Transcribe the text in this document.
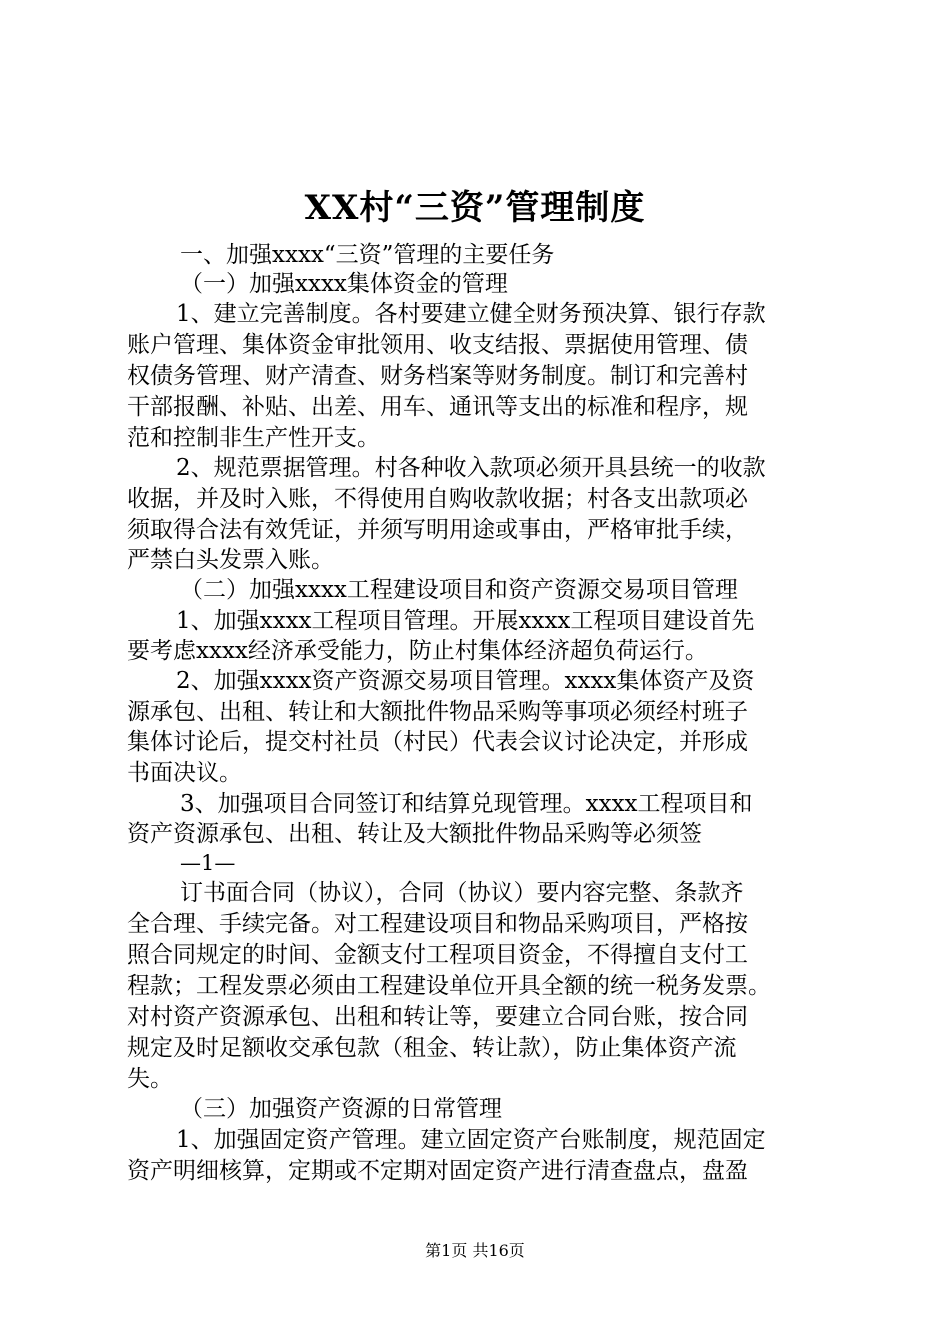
XX村“三资”管理制度
一、加强xxxx“三资”管理的主要任务
（一）加强xxxx集体资金的管理
1、建立完善制度。各村要建立健全财务预决算、银行存款
账户管理、集体资金审批领用、收支结报、票据使用管理、债
权债务管理、财产清查、财务档案等财务制度。制订和完善村
干部报酬、补贴、出差、用车、通讯等支出的标准和程序，规
范和控制非生产性开支。
2、规范票据管理。村各种收入款项必须开具县统一的收款
收据，并及时入账，不得使用自购收款收据；村各支出款项必
须取得合法有效凭证，并须写明用途或事由，严格审批手续，
严禁白头发票入账。
（二）加强xxxx工程建设项目和资产资源交易项目管理
1、加强xxxx工程项目管理。开展xxxx工程项目建设首先
要考虑xxxx经济承受能力，防止村集体经济超负荷运行。
2、加强xxxx资产资源交易项目管理。xxxx集体资产及资
源承包、出租、转让和大额批件物品采购等事项必须经村班子
集体讨论后，提交村社员（村民）代表会议讨论决定，并形成
书面决议。
3、加强项目合同签订和结算兑现管理。xxxx工程项目和
资产资源承包、出租、转让及大额批件物品采购等必须签
—1—
订书面合同（协议），合同（协议）要内容完整、条款齐
全合理、手续完备。对工程建设项目和物品采购项目，严格按
照合同规定的时间、金额支付工程项目资金，不得擅自支付工
程款；工程发票必须由工程建设单位开具全额的统一税务发票。
对村资产资源承包、出租和转让等，要建立合同台账，按合同
规定及时足额收交承包款（租金、转让款），防止集体资产流
失。
（三）加强资产资源的日常管理
1、加强固定资产管理。建立固定资产台账制度，规范固定
资产明细核算，定期或不定期对固定资产进行清查盘点，盘盈
第1页 共16页
